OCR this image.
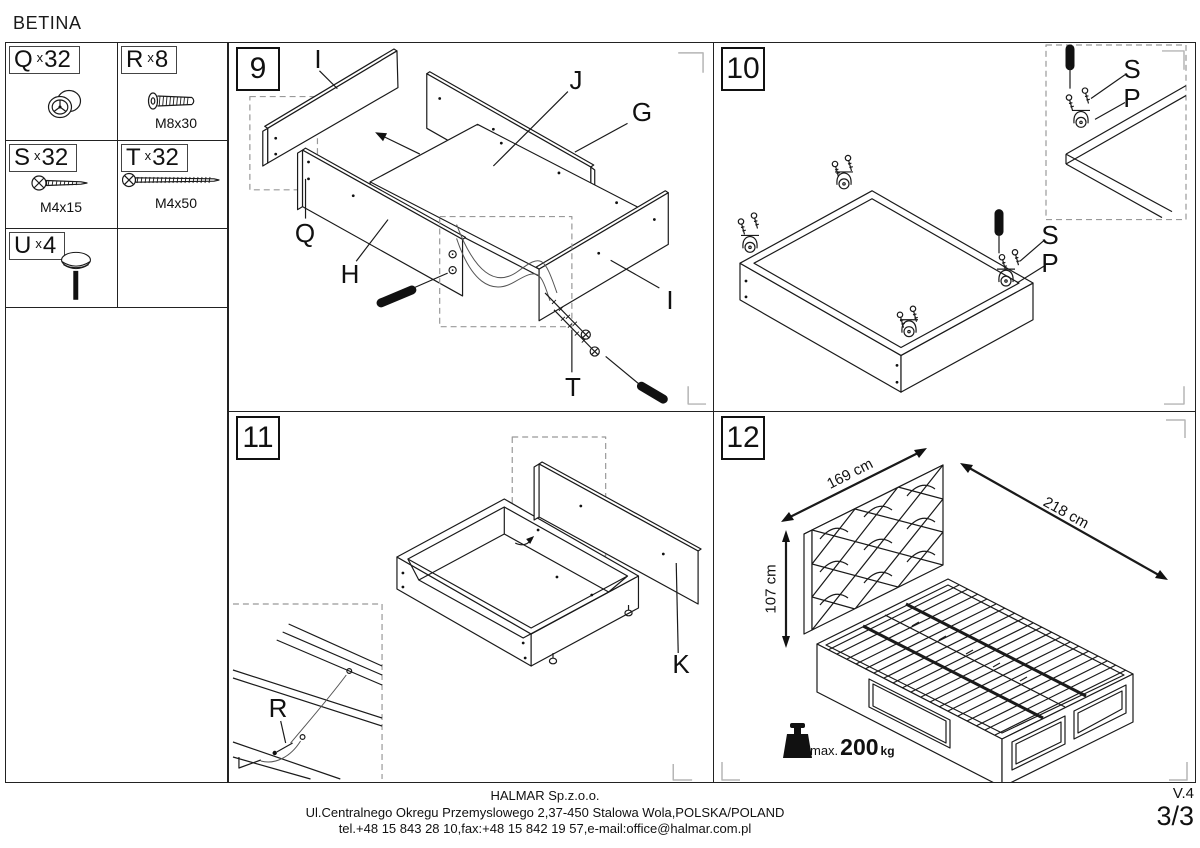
BETINA
Q x 32 R x 8
M8x30
S x 32
M4x15
T x 32
M4x50
U x 4
9 I
J
G
Q
H
I
T
10	S
P
S
P
11
K
R
12
169 cm
218 cm
107 cm
max. 200 kg
HALMAR Sp.z.o.o.
Ul.Centralnego Okregu Przemyslowego 2,37-450 Stalowa Wola,POLSKA/POLAND
tel.+48 15 843 28 10,fax:+48 15 842 19 57,e-mail:office@halmar.com.pl
V.4
3/3
